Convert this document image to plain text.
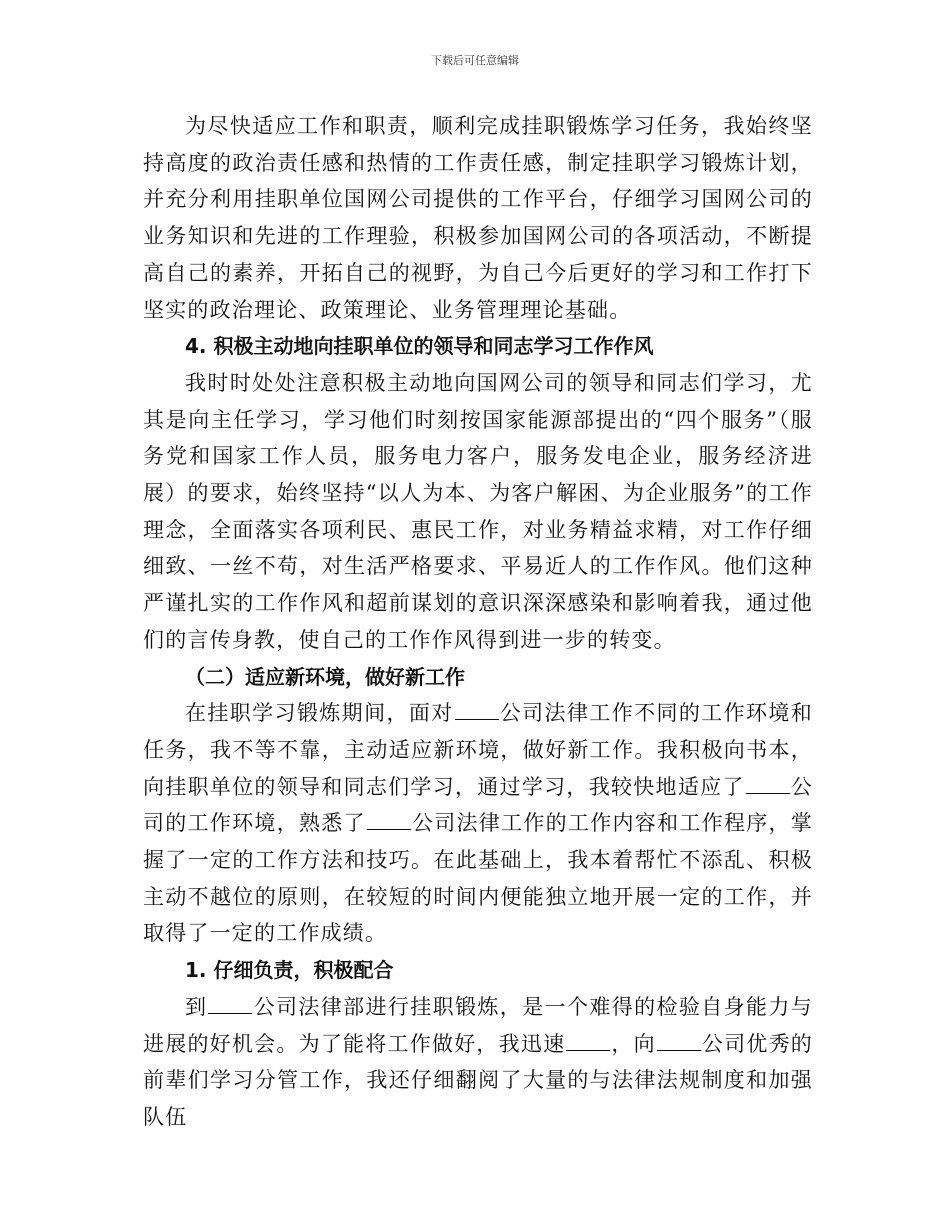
下载后可任意编辑

为尽快适应工作和职责，顺利完成挂职锻炼学习任务，我始终坚持高度的政治责任感和热情的工作责任感，制定挂职学习锻炼计划，并充分利用挂职单位国网公司提供的工作平台，仔细学习国网公司的业务知识和先进的工作理验，积极参加国网公司的各项活动，不断提高自己的素养，开拓自己的视野，为自己今后更好的学习和工作打下坚实的政治理论、政策理论、业务管理理论基础。

4. 积极主动地向挂职单位的领导和同志学习工作作风

我时时处处注意积极主动地向国网公司的领导和同志们学习，尤其是向主任学习，学习他们时刻按国家能源部提出的“四个服务”（服务党和国家工作人员，服务电力客户，服务发电企业，服务经济进展）的要求，始终坚持“以人为本、为客户解困、为企业服务”的工作理念，全面落实各项利民、惠民工作，对业务精益求精，对工作仔细细致、一丝不苟，对生活严格要求、平易近人的工作作风。他们这种严谨扎实的工作作风和超前谋划的意识深深感染和影响着我，通过他们的言传身教，使自己的工作作风得到进一步的转变。

（二）适应新环境，做好新工作

在挂职学习锻炼期间，面对 公司法律工作不同的工作环境和任务，我不等不靠，主动适应新环境，做好新工作。我积极向书本，向挂职单位的领导和同志们学习，通过学习，我较快地适应了 公司的工作环境，熟悉了 公司法律工作的工作内容和工作程序，掌握了一定的工作方法和技巧。在此基础上，我本着帮忙不添乱、积极主动不越位的原则，在较短的时间内便能独立地开展一定的工作，并取得了一定的工作成绩。

1. 仔细负责，积极配合

到 公司法律部进行挂职锻炼，是一个难得的检验自身能力与进展的好机会。为了能将工作做好，我迅速 ，向 公司优秀的前辈们学习分管工作，我还仔细翻阅了大量的与法律法规制度和加强队伍
